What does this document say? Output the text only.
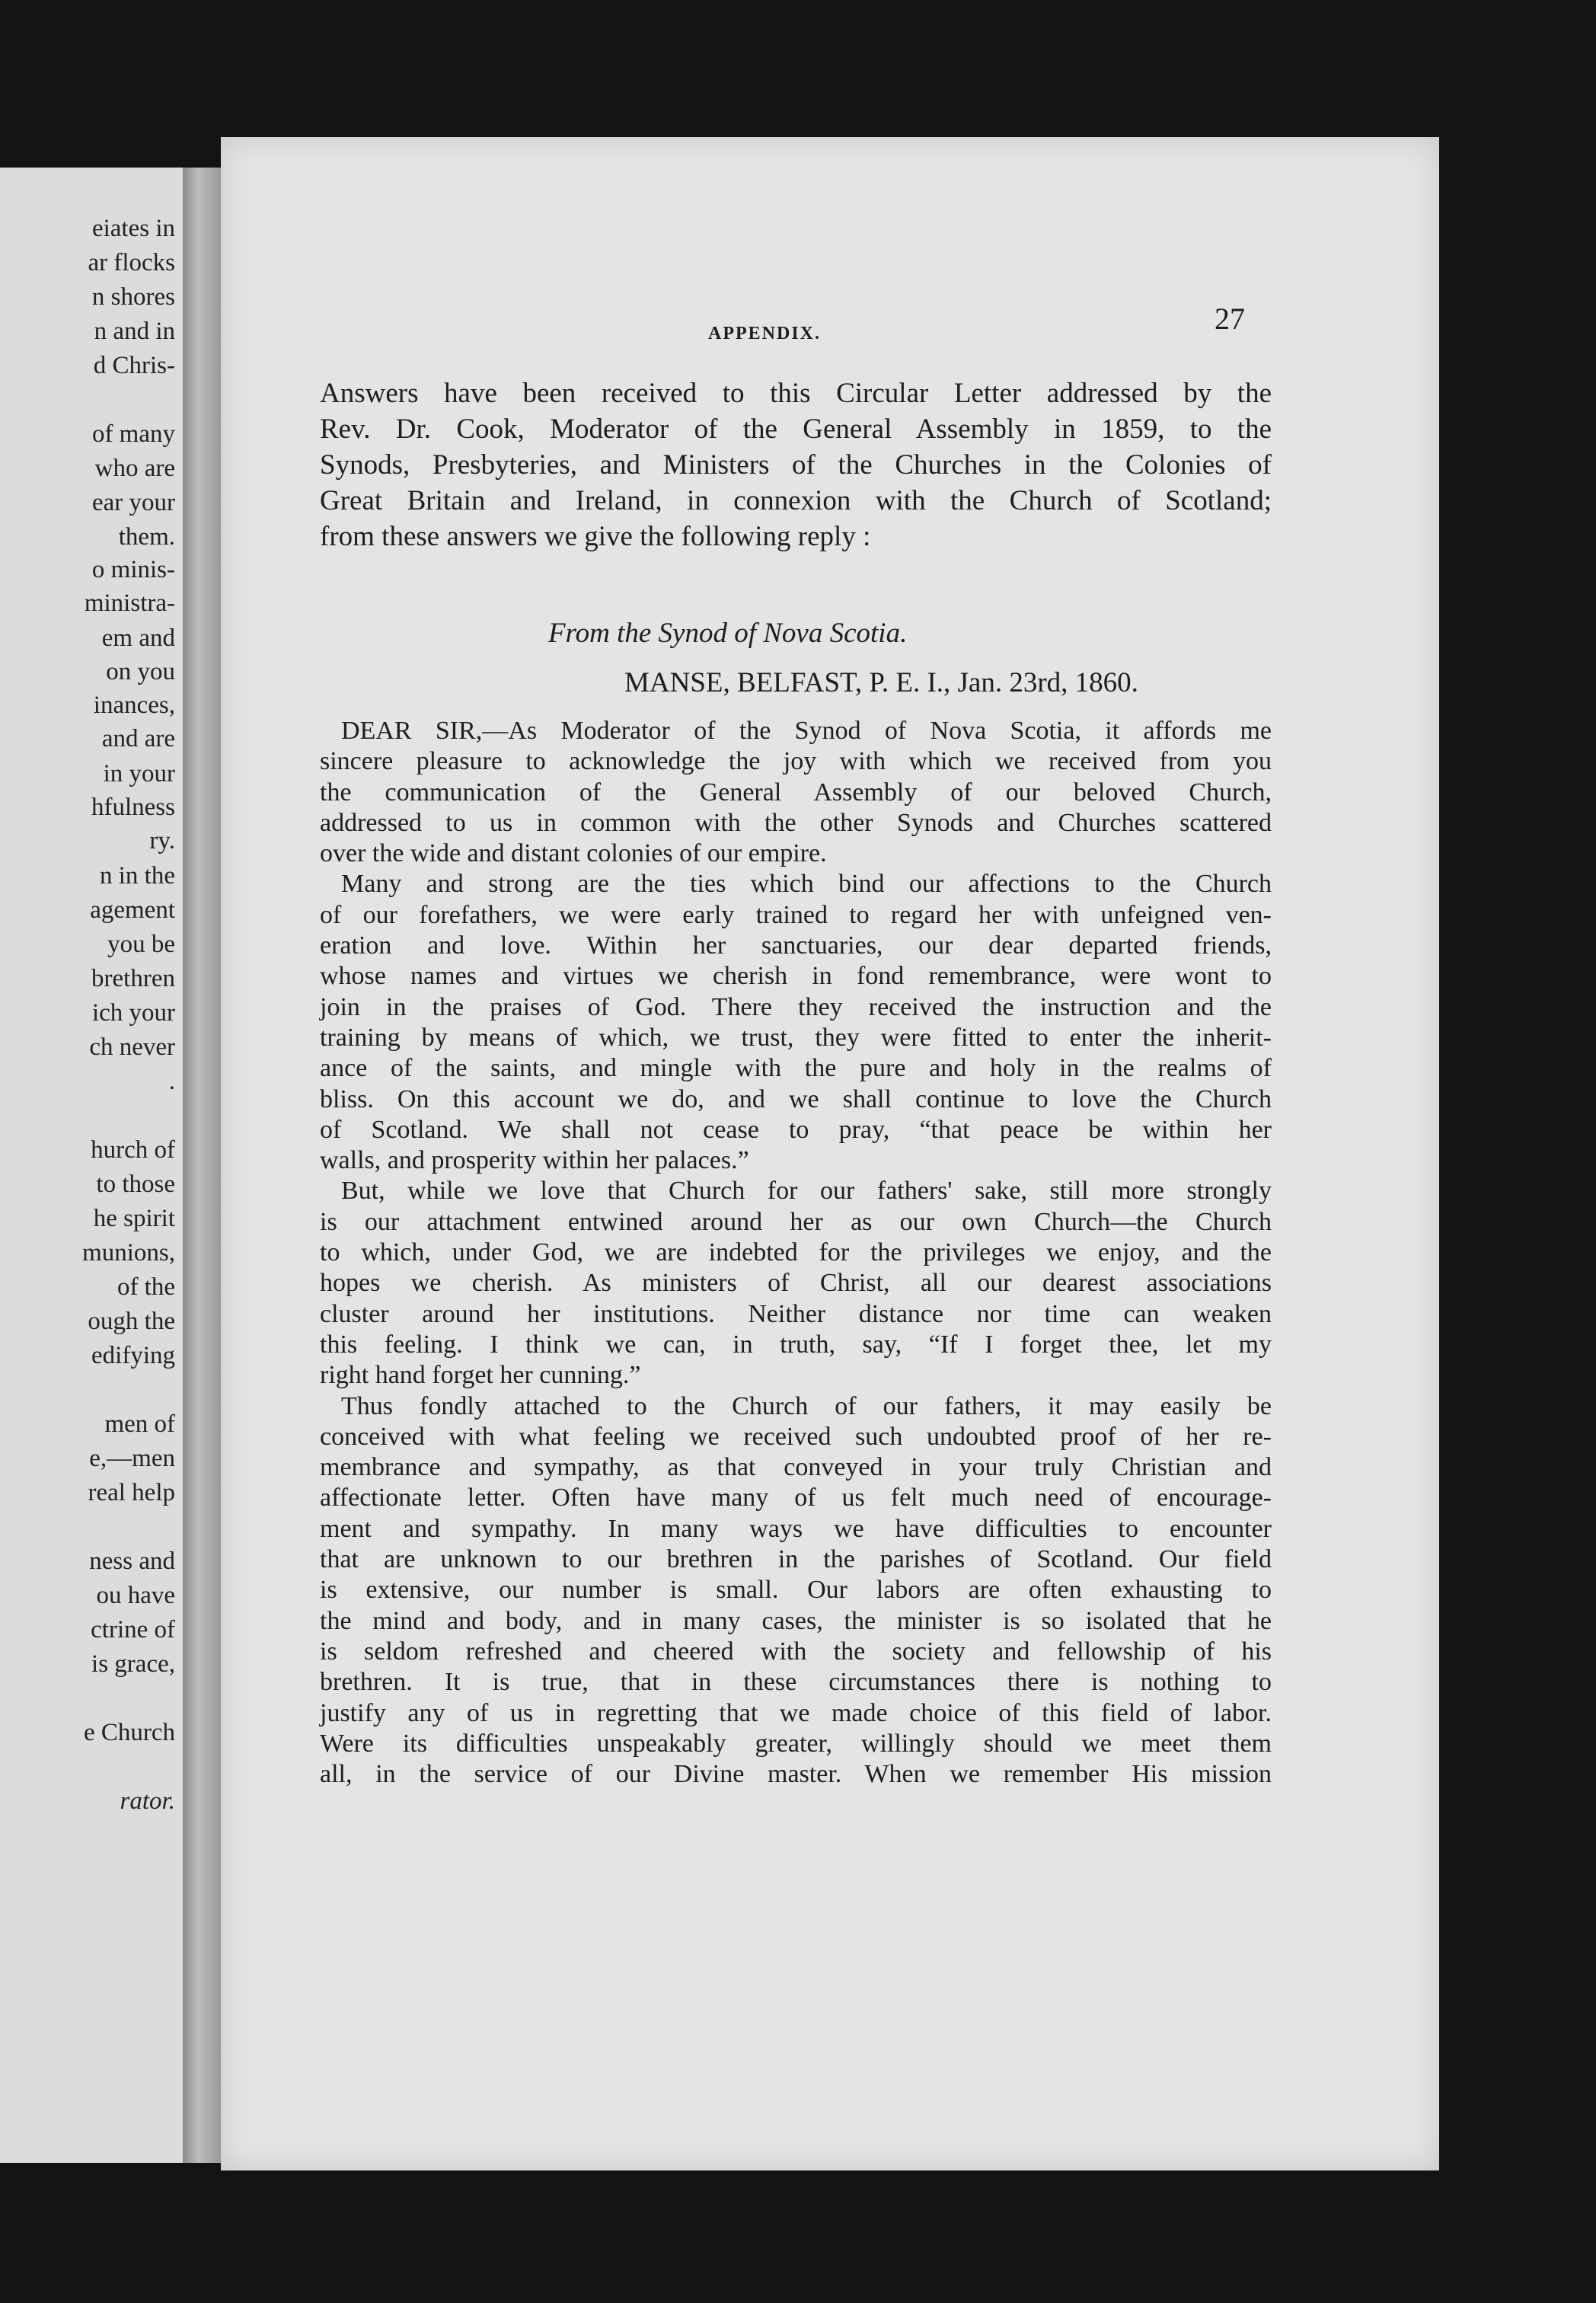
eiates in
ar flocks
n shores
n and in
d Chris-
of many
who are
ear your
them.
o minis-
ministra-
em and
on you
inances,
and are
in your
hfulness
ry.
n in the
agement
you be
brethren
ich your
ch never
.
hurch of
to those
he spirit
munions,
of the
ough the
edifying
men of
e,—men
real help
ness and
ou have
ctrine of
is grace,
e Church
rator.
APPENDIX.	27
Answers have been received to this Circular Letter addressed by the
Rev. Dr. Cook, Moderator of the General Assembly in 1859, to the
Synods, Presbyteries, and Ministers of the Churches in the Colonies of
Great Britain and Ireland, in connexion with the Church of Scotland;
from these answers we give the following reply :
From the Synod of Nova Scotia.
MANSE, BELFAST, P. E. I., Jan. 23rd, 1860.
DEAR SIR,—As Moderator of the Synod of Nova Scotia, it affords me
sincere pleasure to acknowledge the joy with which we received from you
the communication of the General Assembly of our beloved Church,
addressed to us in common with the other Synods and Churches scattered
over the wide and distant colonies of our empire.
Many and strong are the ties which bind our affections to the Church
of our forefathers, we were early trained to regard her with unfeigned ven-
eration and love. Within her sanctuaries, our dear departed friends,
whose names and virtues we cherish in fond remembrance, were wont to
join in the praises of God. There they received the instruction and the
training by means of which, we trust, they were fitted to enter the inherit-
ance of the saints, and mingle with the pure and holy in the realms of
bliss. On this account we do, and we shall continue to love the Church
of Scotland. We shall not cease to pray, “that peace be within her
walls, and prosperity within her palaces.”
But, while we love that Church for our fathers' sake, still more strongly
is our attachment entwined around her as our own Church—the Church
to which, under God, we are indebted for the privileges we enjoy, and the
hopes we cherish. As ministers of Christ, all our dearest associations
cluster around her institutions. Neither distance nor time can weaken
this feeling. I think we can, in truth, say, “If I forget thee, let my
right hand forget her cunning.”
Thus fondly attached to the Church of our fathers, it may easily be
conceived with what feeling we received such undoubted proof of her re-
membrance and sympathy, as that conveyed in your truly Christian and
affectionate letter. Often have many of us felt much need of encourage-
ment and sympathy. In many ways we have difficulties to encounter
that are unknown to our brethren in the parishes of Scotland. Our field
is extensive, our number is small. Our labors are often exhausting to
the mind and body, and in many cases, the minister is so isolated that he
is seldom refreshed and cheered with the society and fellowship of his
brethren. It is true, that in these circumstances there is nothing to
justify any of us in regretting that we made choice of this field of labor.
Were its difficulties unspeakably greater, willingly should we meet them
all, in the service of our Divine master. When we remember His mission
